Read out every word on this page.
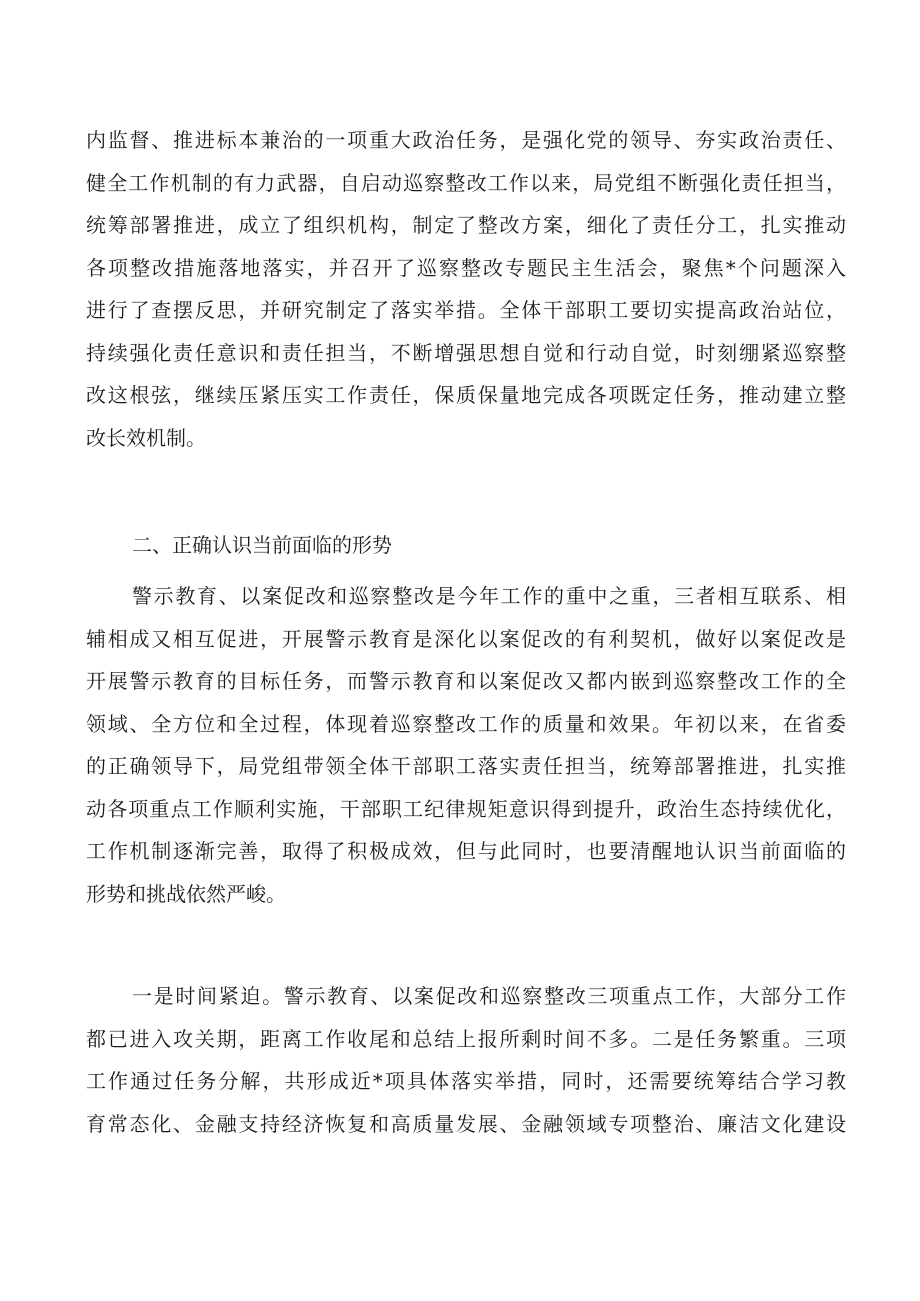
内监督、推进标本兼治的一项重大政治任务，是强化党的领导、夯实政治责任、
健全工作机制的有力武器，自启动巡察整改工作以来，局党组不断强化责任担当，
统筹部署推进，成立了组织机构，制定了整改方案，细化了责任分工，扎实推动
各项整改措施落地落实，并召开了巡察整改专题民主生活会，聚焦*个问题深入
进行了查摆反思，并研究制定了落实举措。全体干部职工要切实提高政治站位，
持续强化责任意识和责任担当，不断增强思想自觉和行动自觉，时刻绷紧巡察整
改这根弦，继续压紧压实工作责任，保质保量地完成各项既定任务，推动建立整
改长效机制。
二、正确认识当前面临的形势
警示教育、以案促改和巡察整改是今年工作的重中之重，三者相互联系、相
辅相成又相互促进，开展警示教育是深化以案促改的有利契机，做好以案促改是
开展警示教育的目标任务，而警示教育和以案促改又都内嵌到巡察整改工作的全
领域、全方位和全过程，体现着巡察整改工作的质量和效果。年初以来，在省委
的正确领导下，局党组带领全体干部职工落实责任担当，统筹部署推进，扎实推
动各项重点工作顺利实施，干部职工纪律规矩意识得到提升，政治生态持续优化，
工作机制逐渐完善，取得了积极成效，但与此同时，也要清醒地认识当前面临的
形势和挑战依然严峻。
一是时间紧迫。警示教育、以案促改和巡察整改三项重点工作，大部分工作
都已进入攻关期，距离工作收尾和总结上报所剩时间不多。二是任务繁重。三项
工作通过任务分解，共形成近*项具体落实举措，同时，还需要统筹结合学习教
育常态化、金融支持经济恢复和高质量发展、金融领域专项整治、廉洁文化建设
